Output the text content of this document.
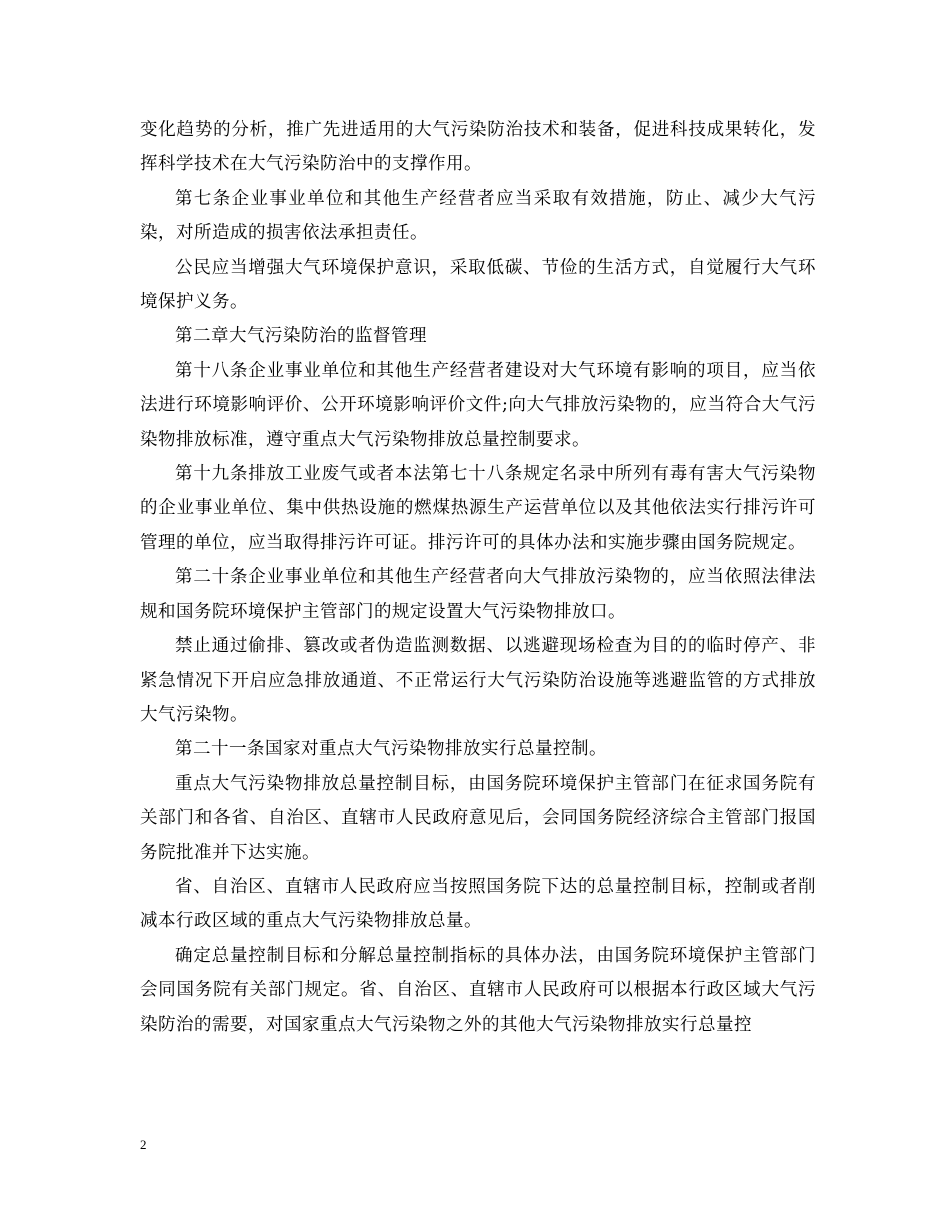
变化趋势的分析，推广先进适用的大气污染防治技术和装备，促进科技成果转化，发挥科学技术在大气污染防治中的支撑作用。

第七条企业事业单位和其他生产经营者应当采取有效措施，防止、减少大气污染，对所造成的损害依法承担责任。

公民应当增强大气环境保护意识，采取低碳、节俭的生活方式，自觉履行大气环境保护义务。

第二章大气污染防治的监督管理

第十八条企业事业单位和其他生产经营者建设对大气环境有影响的项目，应当依法进行环境影响评价、公开环境影响评价文件;向大气排放污染物的，应当符合大气污染物排放标准，遵守重点大气污染物排放总量控制要求。

第十九条排放工业废气或者本法第七十八条规定名录中所列有毒有害大气污染物的企业事业单位、集中供热设施的燃煤热源生产运营单位以及其他依法实行排污许可管理的单位，应当取得排污许可证。排污许可的具体办法和实施步骤由国务院规定。

第二十条企业事业单位和其他生产经营者向大气排放污染物的，应当依照法律法规和国务院环境保护主管部门的规定设置大气污染物排放口。

禁止通过偷排、篡改或者伪造监测数据、以逃避现场检查为目的的临时停产、非紧急情况下开启应急排放通道、不正常运行大气污染防治设施等逃避监管的方式排放大气污染物。

第二十一条国家对重点大气污染物排放实行总量控制。

重点大气污染物排放总量控制目标，由国务院环境保护主管部门在征求国务院有关部门和各省、自治区、直辖市人民政府意见后，会同国务院经济综合主管部门报国务院批准并下达实施。

省、自治区、直辖市人民政府应当按照国务院下达的总量控制目标，控制或者削减本行政区域的重点大气污染物排放总量。

确定总量控制目标和分解总量控制指标的具体办法，由国务院环境保护主管部门会同国务院有关部门规定。省、自治区、直辖市人民政府可以根据本行政区域大气污染防治的需要，对国家重点大气污染物之外的其他大气污染物排放实行总量控

2
